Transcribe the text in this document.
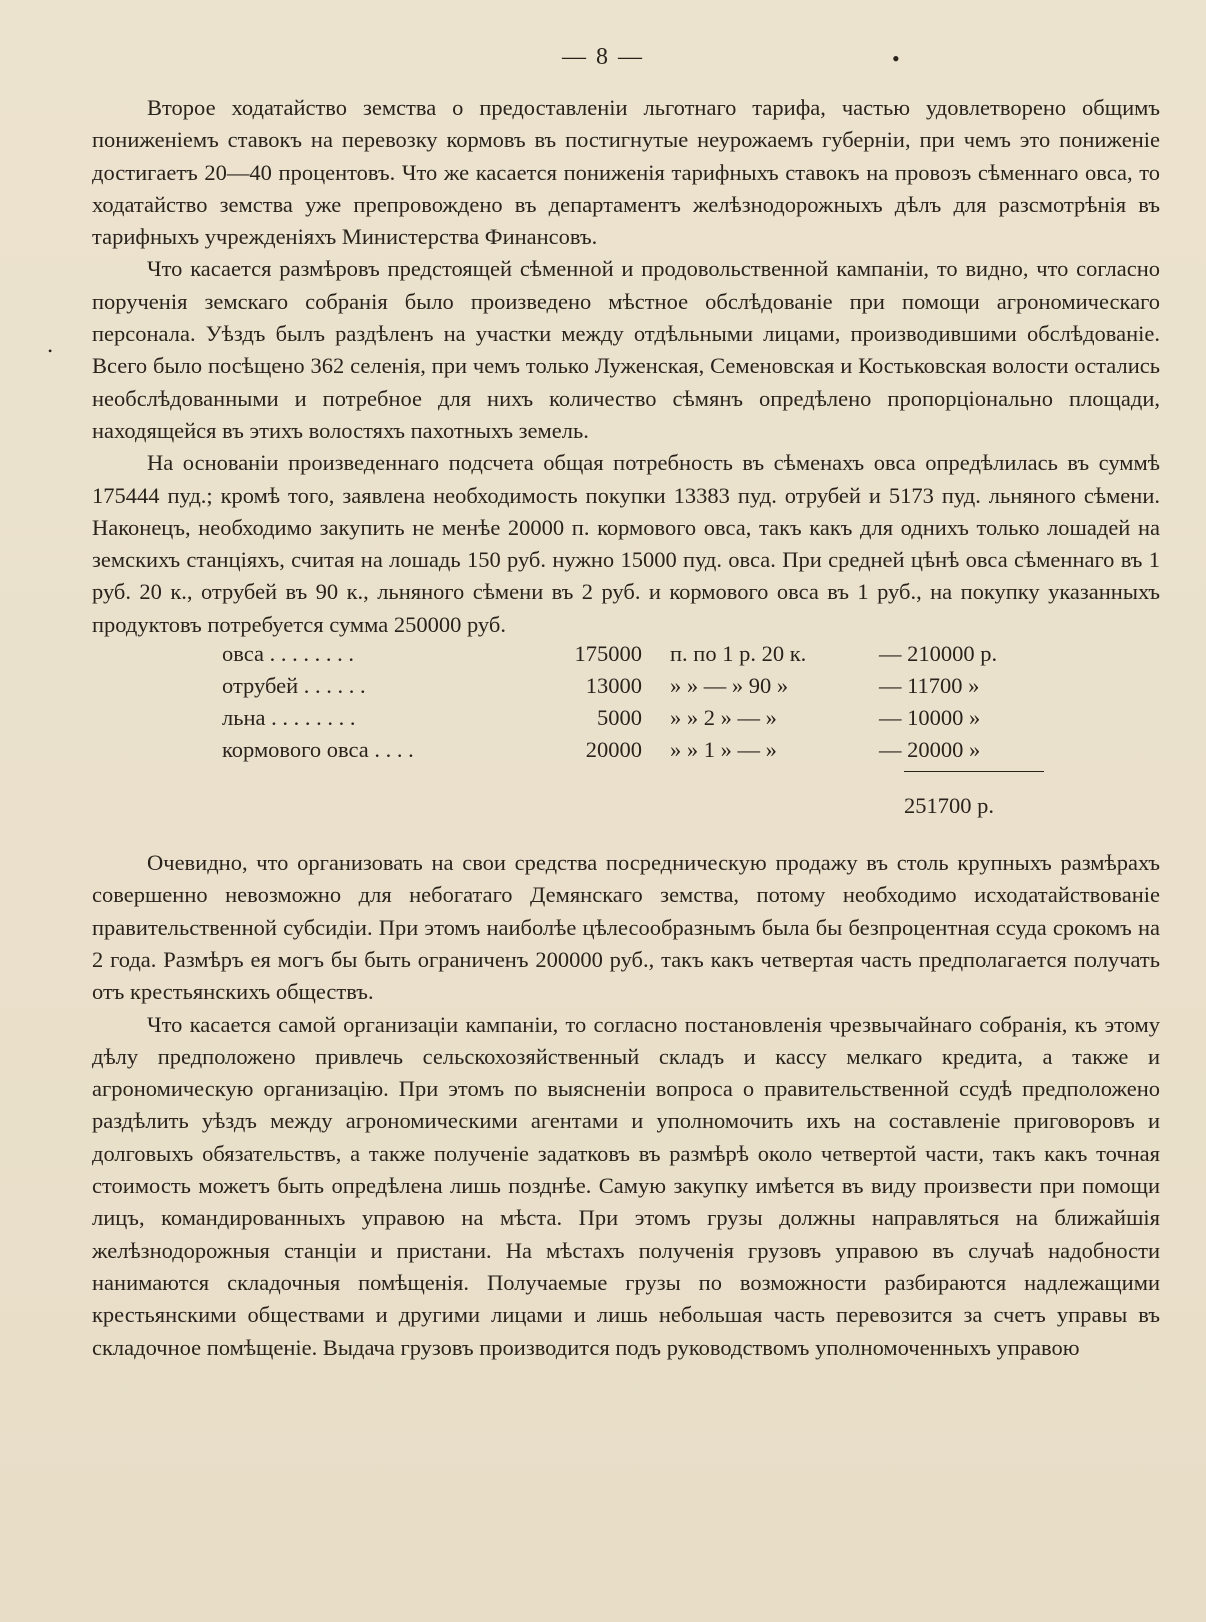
— 8 —	•
•

Второе ходатайство земства о предоставленіи льготнаго тарифа, частью удовлетворено общимъ пониженіемъ ставокъ на перевозку кормовъ въ постигнутые неурожаемъ губерніи, при чемъ это пониженіе достигаетъ 20—40 процентовъ. Что же касается пониженія тарифныхъ ставокъ на провозъ сѣменнаго овса, то ходатайство земства уже препровождено въ департаментъ желѣзнодорожныхъ дѣлъ для разсмотрѣнія въ тарифныхъ учрежденіяхъ Министерства Финансовъ.

Что касается размѣровъ предстоящей сѣменной и продовольственной кампаніи, то видно, что согласно порученія земскаго собранія было произведено мѣстное обслѣдованіе при помощи агрономическаго персонала. Уѣздъ былъ раздѣленъ на участки между отдѣльными лицами, производившими обслѣдованіе. Всего было посѣщено 362 селенія, при чемъ только Луженская, Семеновская и Костьковская волости остались необслѣдованными и потребное для нихъ количество сѣмянъ опредѣлено пропорціонально площади, находящейся въ этихъ волостяхъ пахотныхъ земель.

На основаніи произведеннаго подсчета общая потребность въ сѣменахъ овса опредѣлилась въ суммѣ 175444 пуд.; кромѣ того, заявлена необходимость покупки 13383 пуд. отрубей и 5173 пуд. льняного сѣмени. Наконецъ, необходимо закупить не менѣе 20000 п. кормового овса, такъ какъ для однихъ только лошадей на земскихъ станціяхъ, считая на лошадь 150 руб. нужно 15000 пуд. овса. При средней цѣнѣ овса сѣменнаго въ 1 руб. 20 к., отрубей въ 90 к., льняного сѣмени въ 2 руб. и кормового овса въ 1 руб., на покупку указанныхъ продуктовъ потребуется сумма 250000 руб.

овса . . . . . . . .	175000 п. по 1 р. 20 к.	— 210000 р.
отрубей . . . . . .	13000 » » — » 90 »	— 11700 »
льна . . . . . . . .	5000 » » 2 » — »	— 10000 »
кормового овса . . . .	20000 » » 1 » — »	— 20000 »
251700 р.

Очевидно, что организовать на свои средства посредническую продажу въ столь крупныхъ размѣрахъ совершенно невозможно для небогатаго Демянскаго земства, потому необходимо исходатайствованіе правительственной субсидіи. При этомъ наиболѣе цѣлесообразнымъ была бы безпроцентная ссуда срокомъ на 2 года. Размѣръ ея могъ бы быть ограниченъ 200000 руб., такъ какъ четвертая часть предполагается получать отъ крестьянскихъ обществъ.

Что касается самой организаціи кампаніи, то согласно постановленія чрезвычайнаго собранія, къ этому дѣлу предположено привлечь сельскохозяйственный складъ и кассу мелкаго кредита, а также и агрономическую организацію. При этомъ по выясненіи вопроса о правительственной ссудѣ предположено раздѣлить уѣздъ между агрономическими агентами и уполномочить ихъ на составленіе приговоровъ и долговыхъ обязательствъ, а также полученіе задатковъ въ размѣрѣ около четвертой части, такъ какъ точная стоимость можетъ быть опредѣлена лишь позднѣе. Самую закупку имѣется въ виду произвести при помощи лицъ, командированныхъ управою на мѣста. При этомъ грузы должны направляться на ближайшія желѣзнодорожныя станціи и пристани. На мѣстахъ полученія грузовъ управою въ случаѣ надобности нанимаются складочныя помѣщенія. Получаемые грузы по возможности разбираются надлежащими крестьянскими обществами и другими лицами и лишь небольшая часть перевозится за счетъ управы въ складочное помѣщеніе. Выдача грузовъ производится подъ руководствомъ уполномоченныхъ управою
